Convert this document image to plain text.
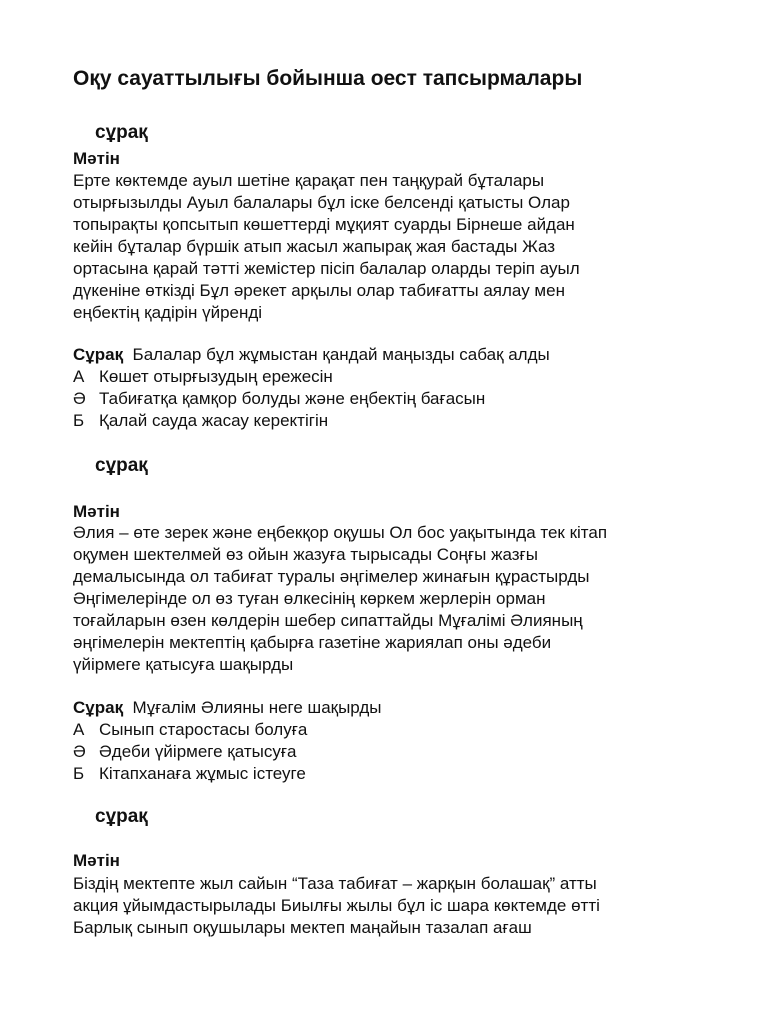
Оқу сауаттылығы бойынша оест тапсырмалары
сұрақ
Мәтін
Ерте көктемде ауыл шетіне қарақат пен таңқурай бұталары
отырғызылды Ауыл балалары бұл іске белсенді қатысты Олар
топырақты қопсытып көшеттерді мұқият суарды Бірнеше айдан
кейін бұталар бүршік атып жасыл жапырақ жая бастады Жаз
ортасына қарай тәтті жемістер пісіп балалар оларды теріп ауыл
дүкеніне өткізді Бұл әрекет арқылы олар табиғатты аялау мен
еңбектің қадірін үйренді
Сұрақ Балалар бұл жұмыстан қандай маңызды сабақ алды
А Көшет отырғызудың ережесін
Ә Табиғатқа қамқор болуды және еңбектің бағасын
Б Қалай сауда жасау керектігін
сұрақ
Мәтін
Әлия – өте зерек және еңбекқор оқушы Ол бос уақытында тек кітап
оқумен шектелмей өз ойын жазуға тырысады Соңғы жазғы
демалысында ол табиғат туралы әңгімелер жинағын құрастырды
Әңгімелерінде ол өз туған өлкесінің көркем жерлерін орман
тоғайларын өзен көлдерін шебер сипаттайды Мұғалімі Әлияның
әңгімелерін мектептің қабырға газетіне жариялап оны әдеби
үйірмеге қатысуға шақырды
Сұрақ Мұғалім Әлияны неге шақырды
А Сынып старостасы болуға
Ә Әдеби үйірмеге қатысуға
Б Кітапханаға жұмыс істеуге
сұрақ
Мәтін
Біздің мектепте жыл сайын “Таза табиғат – жарқын болашақ” атты
акция ұйымдастырылады Биылғы жылы бұл іс шара көктемде өтті
Барлық сынып оқушылары мектеп маңайын тазалап ағаш
